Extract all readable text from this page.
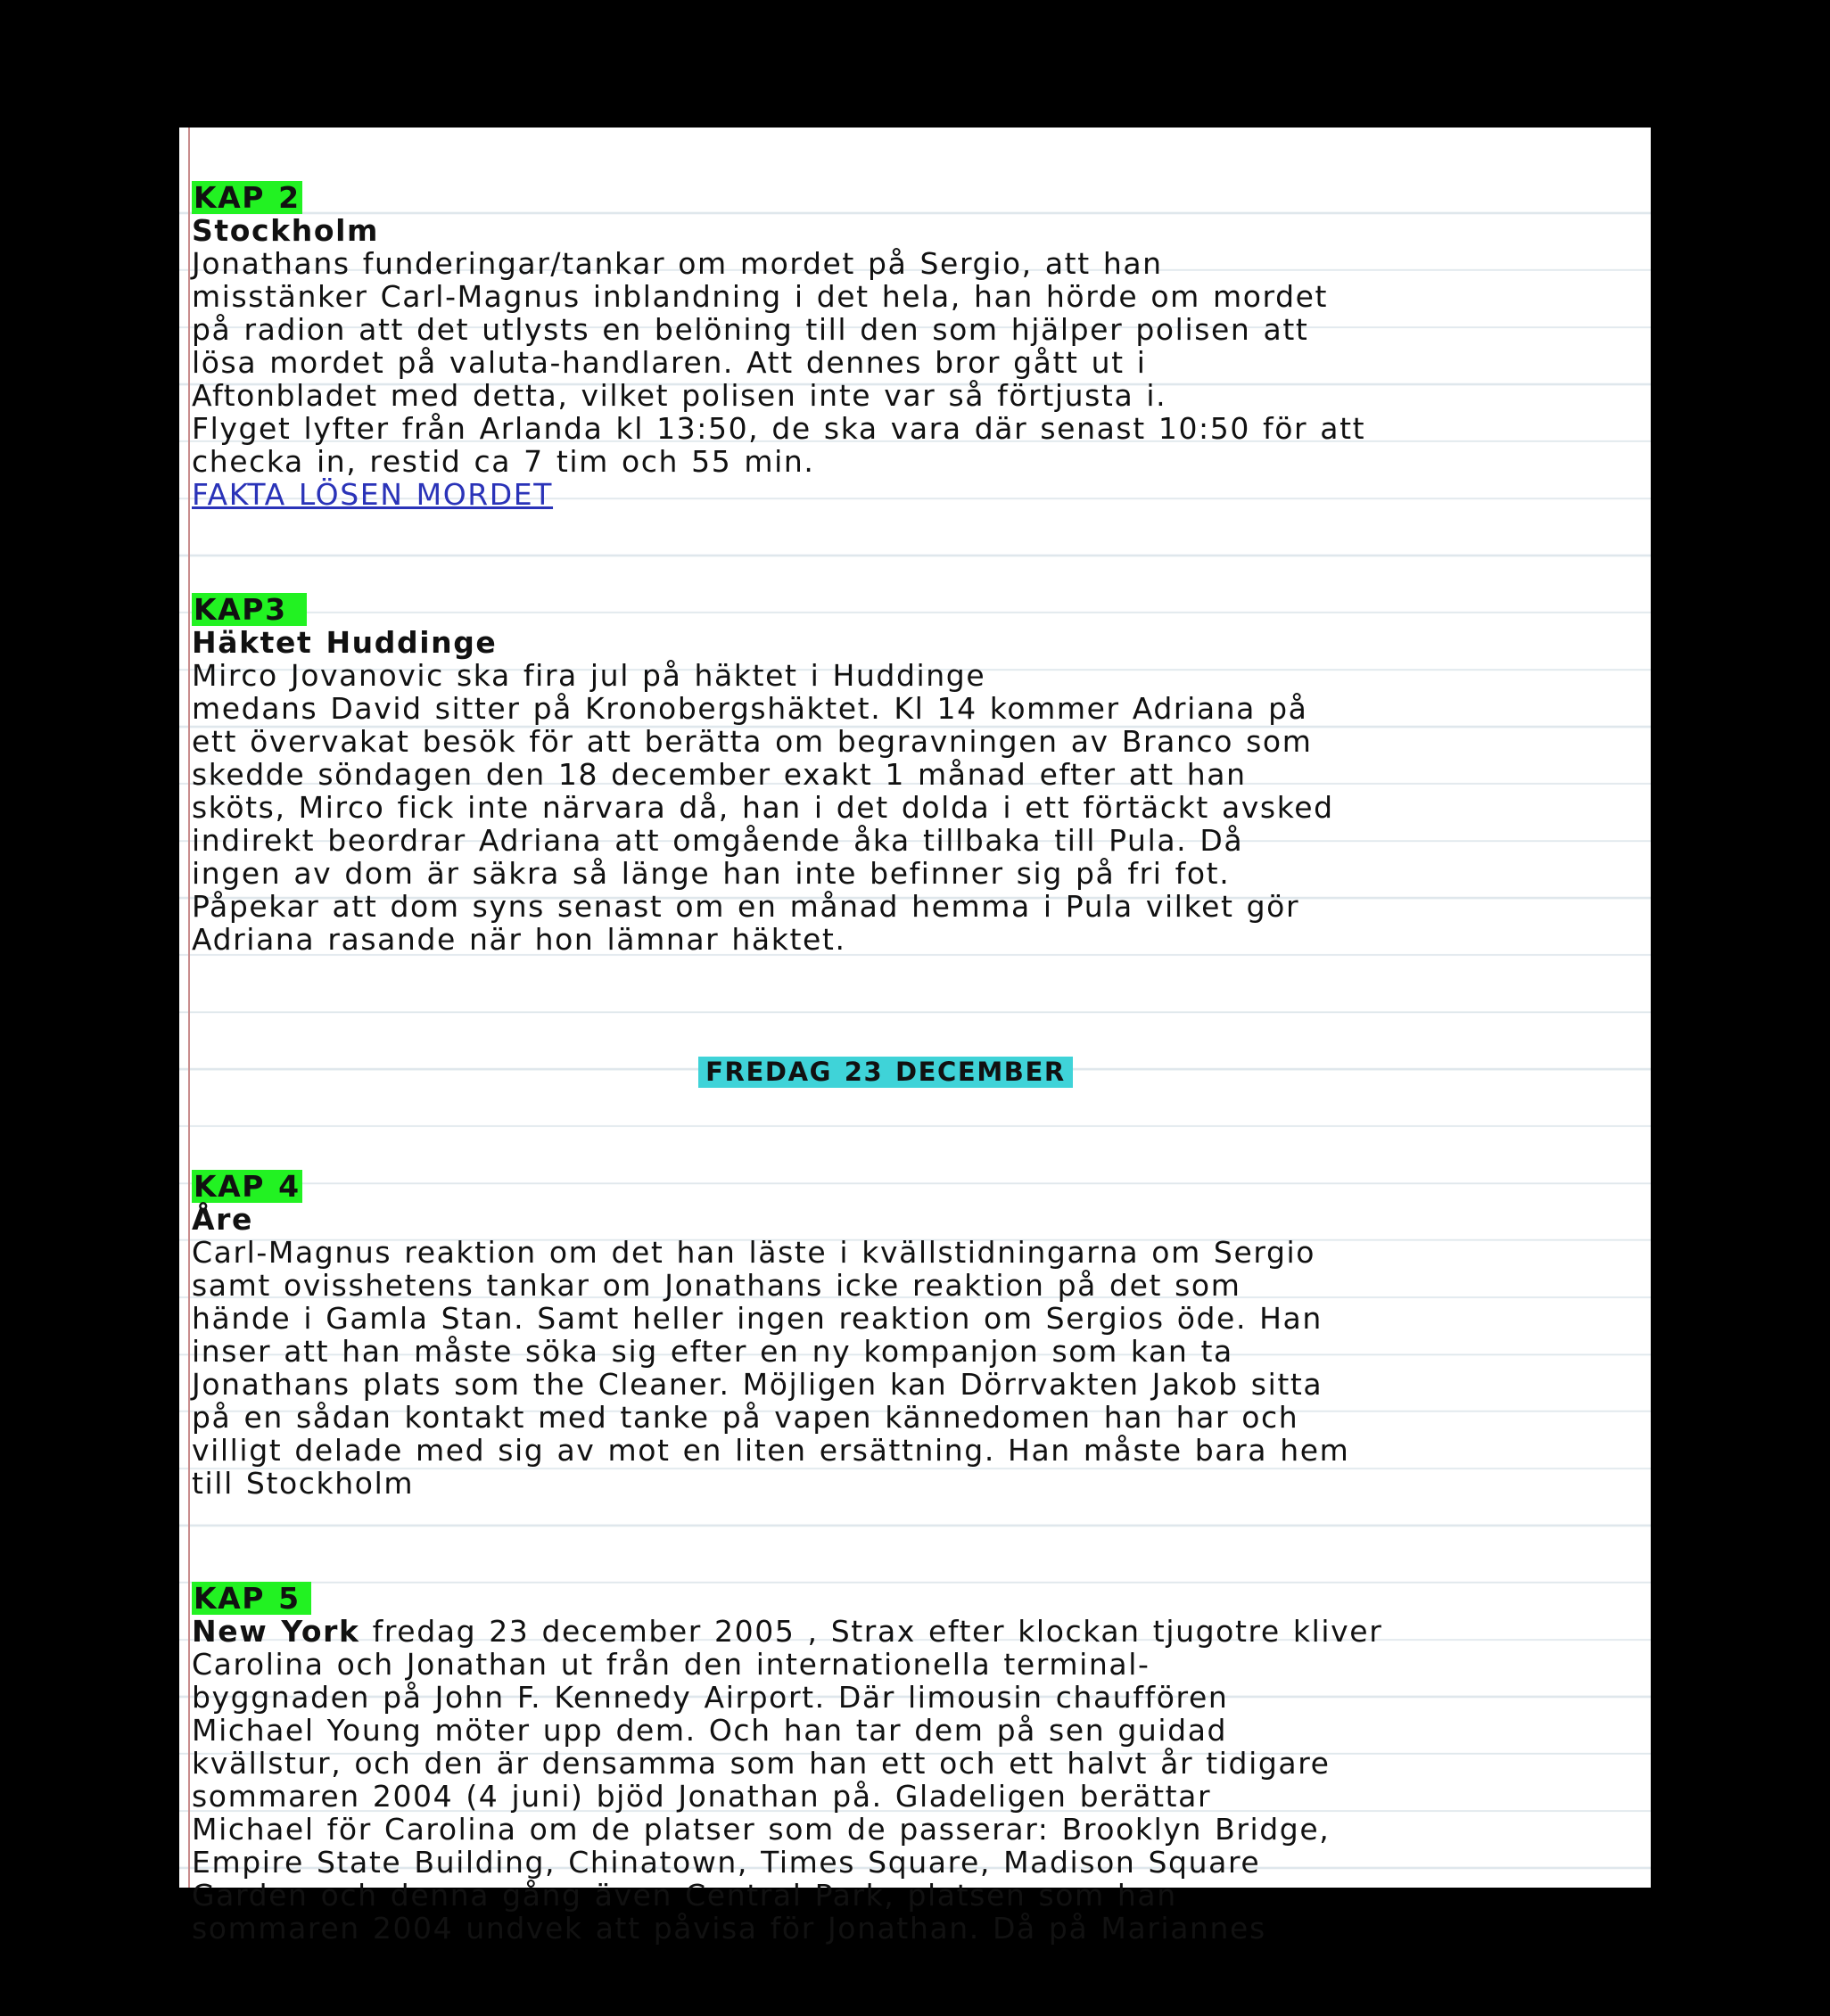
KAP 2
Stockholm
Jonathans funderingar/tankar om mordet på Sergio, att han
misstänker Carl-Magnus inblandning i det hela, han hörde om mordet
på radion att det utlysts en belöning till den som hjälper polisen att
lösa mordet på valuta-handlaren. Att dennes bror gått ut i
Aftonbladet med detta, vilket polisen inte var så förtjusta i.
Flyget lyfter från Arlanda kl 13:50, de ska vara där senast 10:50 för att
checka in, restid ca 7 tim och 55 min.
FAKTA LÖSEN MORDET
KAP3
Häktet Huddinge
Mirco Jovanovic ska fira jul på häktet i Huddinge
medans David sitter på Kronobergshäktet. Kl 14 kommer Adriana på
ett övervakat besök för att berätta om begravningen av Branco som
skedde söndagen den 18 december exakt 1 månad efter att han
sköts, Mirco fick inte närvara då, han i det dolda i ett förtäckt avsked
indirekt beordrar Adriana att omgående åka tillbaka till Pula. Då
ingen av dom är säkra så länge han inte befinner sig på fri fot.
Påpekar att dom syns senast om en månad hemma i Pula vilket gör
Adriana rasande när hon lämnar häktet.
FREDAG 23 DECEMBER
KAP 4
Åre
Carl-Magnus reaktion om det han läste i kvällstidningarna om Sergio
samt ovisshetens tankar om Jonathans icke reaktion på det som
hände i Gamla Stan. Samt heller ingen reaktion om Sergios öde. Han
inser att han måste söka sig efter en ny kompanjon som kan ta
Jonathans plats som the Cleaner. Möjligen kan Dörrvakten Jakob sitta
på en sådan kontakt med tanke på vapen kännedomen han har och
villigt delade med sig av mot en liten ersättning. Han måste bara hem
till Stockholm
KAP 5

New York fredag 23 december 2005 , Strax efter klockan tjugotre kliver
Carolina och Jonathan ut från den internationella terminal-
byggnaden på John F. Kennedy Airport. Där limousin chauffören
Michael Young möter upp dem. Och han tar dem på sen guidad
kvällstur, och den är densamma som han ett och ett halvt år tidigare
sommaren 2004 (4 juni) bjöd Jonathan på. Gladeligen berättar
Michael för Carolina om de platser som de passerar: Brooklyn Bridge,
Empire State Building, Chinatown, Times Square, Madison Square
Garden och denna gång även Central Park, platsen som han
sommaren 2004 undvek att påvisa för Jonathan. Då på Mariannes
